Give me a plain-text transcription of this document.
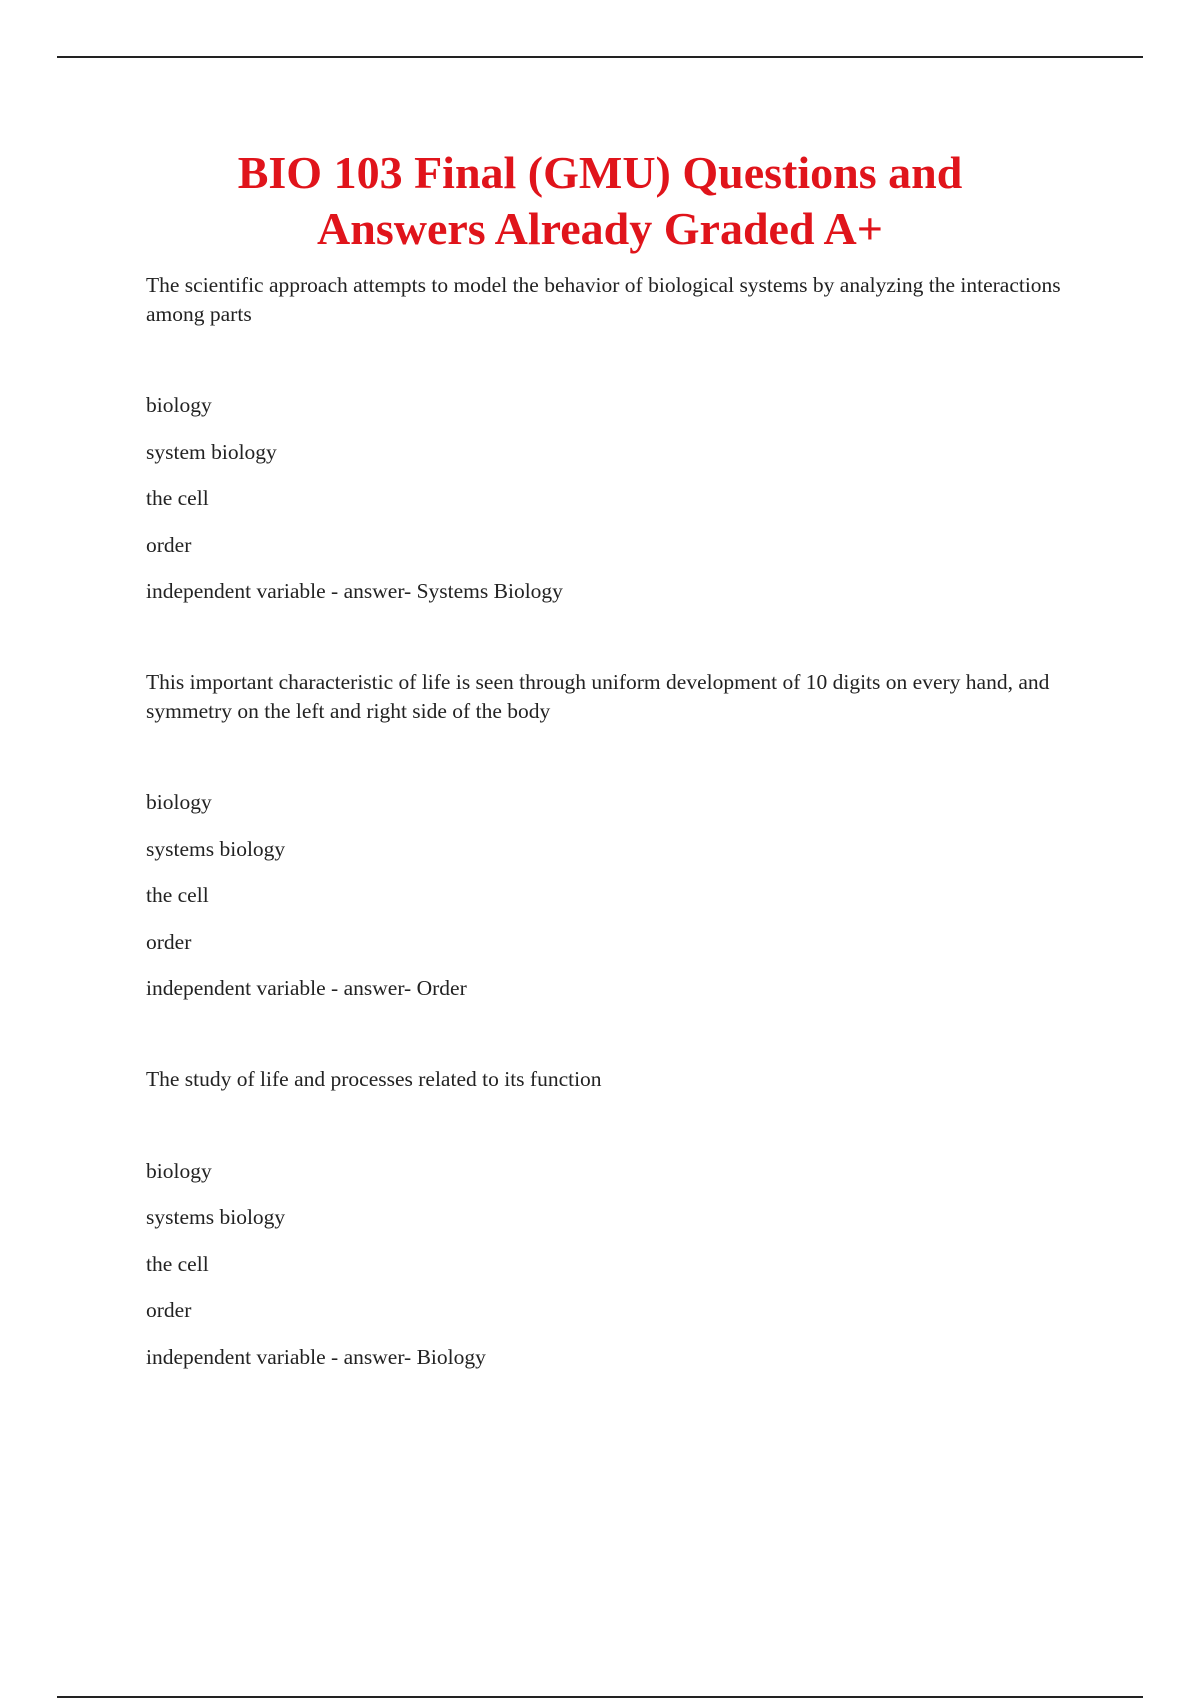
BIO 103 Final (GMU) Questions and
Answers Already Graded A+

The scientific approach attempts to model the behavior of biological systems by analyzing the interactions among parts

biology

system biology

the cell

order

independent variable - answer- Systems Biology

This important characteristic of life is seen through uniform development of 10 digits on every hand, and symmetry on the left and right side of the body

biology

systems biology

the cell

order

independent variable - answer- Order

The study of life and processes related to its function

biology

systems biology

the cell

order

independent variable - answer- Biology
